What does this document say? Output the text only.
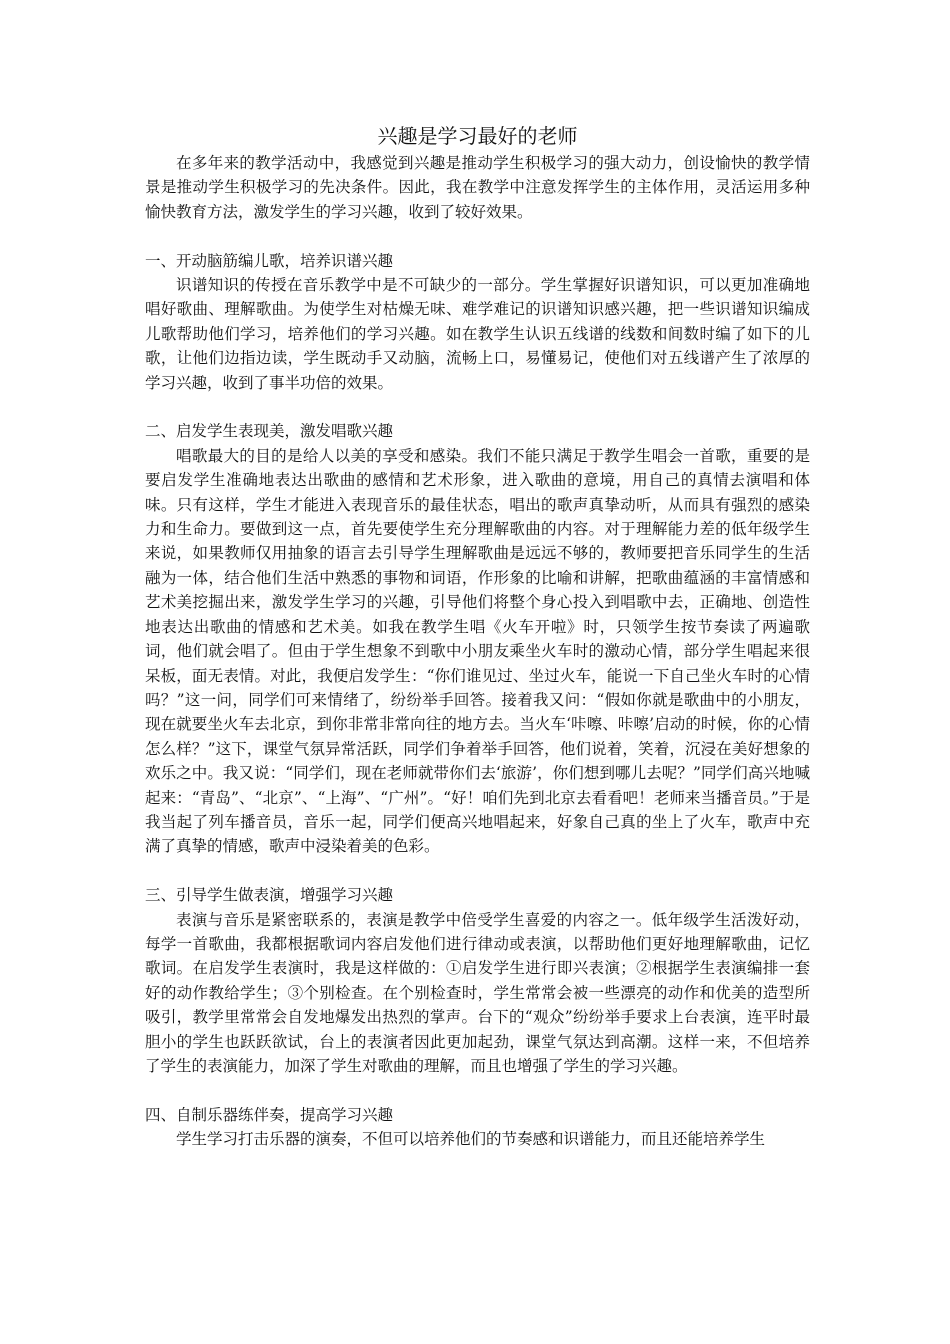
兴趣是学习最好的老师

在多年来的教学活动中，我感觉到兴趣是推动学生积极学习的强大动力，创设愉快的教学情景是推动学生积极学习的先决条件。因此，我在教学中注意发挥学生的主体作用，灵活运用多种愉快教育方法，激发学生的学习兴趣，收到了较好效果。

一、开动脑筋编儿歌，培养识谱兴趣

识谱知识的传授在音乐教学中是不可缺少的一部分。学生掌握好识谱知识，可以更加准确地唱好歌曲、理解歌曲。为使学生对枯燥无味、难学难记的识谱知识感兴趣，把一些识谱知识编成儿歌帮助他们学习，培养他们的学习兴趣。如在教学生认识五线谱的线数和间数时编了如下的儿歌，让他们边指边读，学生既动手又动脑，流畅上口，易懂易记，使他们对五线谱产生了浓厚的学习兴趣，收到了事半功倍的效果。

二、启发学生表现美，激发唱歌兴趣

唱歌最大的目的是给人以美的享受和感染。我们不能只满足于教学生唱会一首歌，重要的是要启发学生准确地表达出歌曲的感情和艺术形象，进入歌曲的意境，用自己的真情去演唱和体味。只有这样，学生才能进入表现音乐的最佳状态，唱出的歌声真挚动听，从而具有强烈的感染力和生命力。要做到这一点，首先要使学生充分理解歌曲的内容。对于理解能力差的低年级学生来说，如果教师仅用抽象的语言去引导学生理解歌曲是远远不够的，教师要把音乐同学生的生活融为一体，结合他们生活中熟悉的事物和词语，作形象的比喻和讲解，把歌曲蕴涵的丰富情感和艺术美挖掘出来，激发学生学习的兴趣，引导他们将整个身心投入到唱歌中去，正确地、创造性地表达出歌曲的情感和艺术美。如我在教学生唱《火车开啦》时，只领学生按节奏读了两遍歌词，他们就会唱了。但由于学生想象不到歌中小朋友乘坐火车时的激动心情，部分学生唱起来很呆板，面无表情。对此，我便启发学生：“你们谁见过、坐过火车，能说一下自己坐火车时的心情吗？”这一问，同学们可来情绪了，纷纷举手回答。接着我又问：“假如你就是歌曲中的小朋友，现在就要坐火车去北京，到你非常非常向往的地方去。当火车‘咔嚓、咔嚓’启动的时候，你的心情怎么样？”这下，课堂气氛异常活跃，同学们争着举手回答，他们说着，笑着，沉浸在美好想象的欢乐之中。我又说：“同学们，现在老师就带你们去‘旅游’，你们想到哪儿去呢？”同学们高兴地喊起来：“青岛”、“北京”、“上海”、“广州”。“好！咱们先到北京去看看吧！老师来当播音员。”于是我当起了列车播音员，音乐一起，同学们便高兴地唱起来，好象自己真的坐上了火车，歌声中充满了真挚的情感，歌声中浸染着美的色彩。

三、引导学生做表演，增强学习兴趣

表演与音乐是紧密联系的，表演是教学中倍受学生喜爱的内容之一。低年级学生活泼好动，每学一首歌曲，我都根据歌词内容启发他们进行律动或表演，以帮助他们更好地理解歌曲，记忆歌词。在启发学生表演时，我是这样做的：①启发学生进行即兴表演；②根据学生表演编排一套好的动作教给学生；③个别检查。在个别检查时，学生常常会被一些漂亮的动作和优美的造型所吸引，教学里常常会自发地爆发出热烈的掌声。台下的“观众”纷纷举手要求上台表演，连平时最胆小的学生也跃跃欲试，台上的表演者因此更加起劲，课堂气氛达到高潮。这样一来，不但培养了学生的表演能力，加深了学生对歌曲的理解，而且也增强了学生的学习兴趣。

四、自制乐器练伴奏，提高学习兴趣

学生学习打击乐器的演奏，不但可以培养他们的节奏感和识谱能力，而且还能培养学生
